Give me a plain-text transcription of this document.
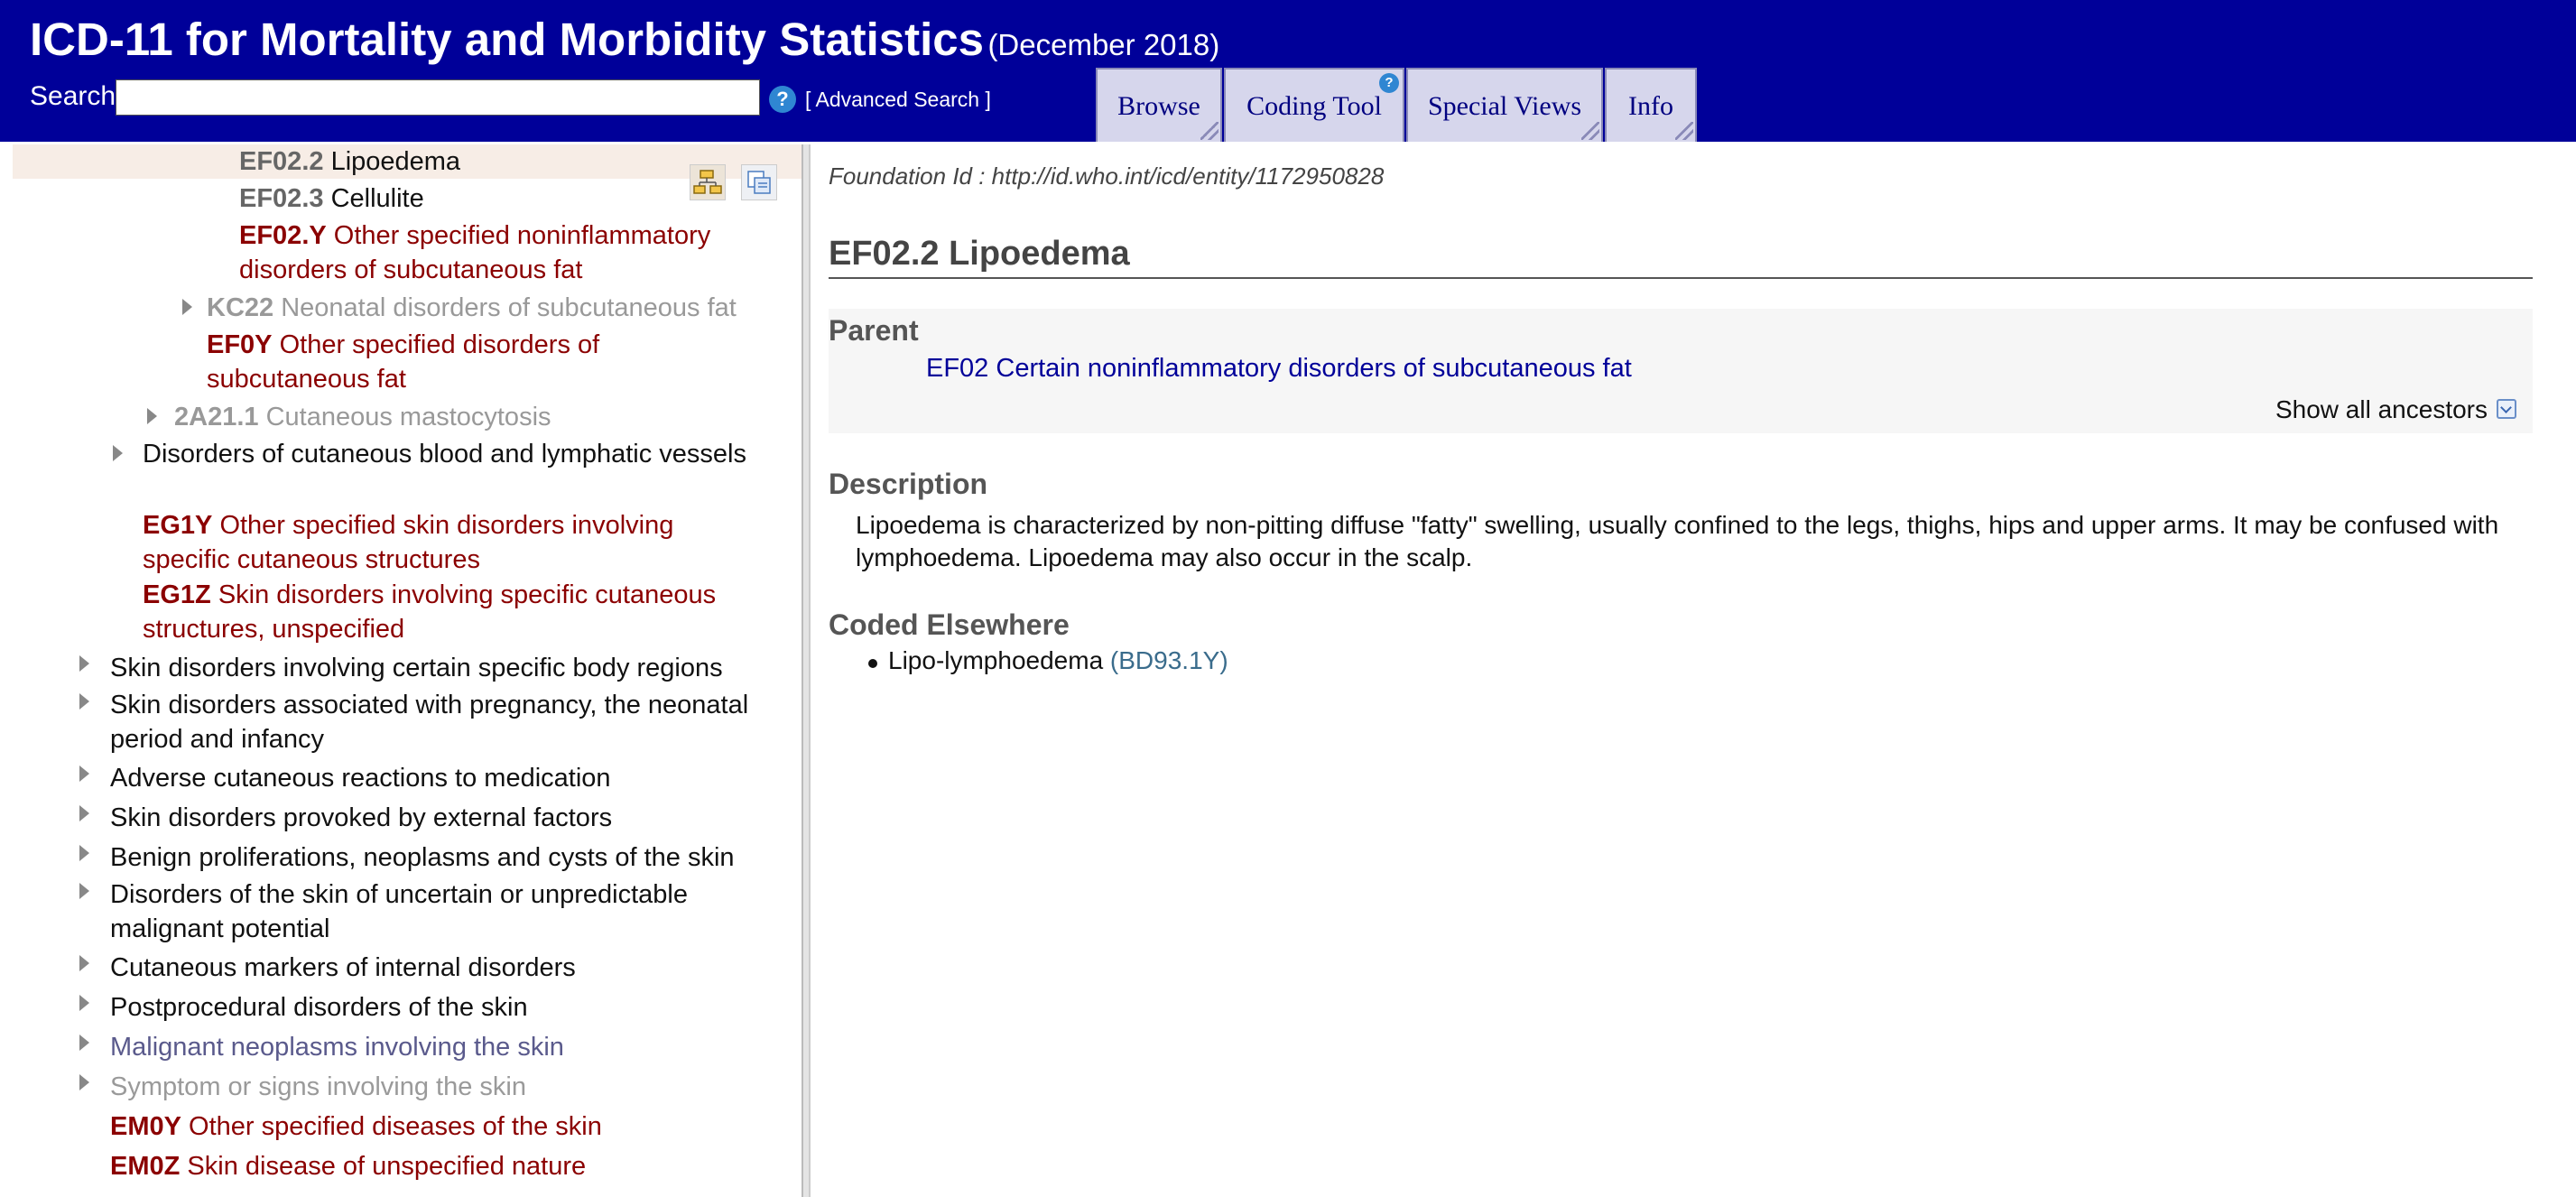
ICD-11 for Mortality and Morbidity Statistics (December 2018)
Search	? [ Advanced Search ]	Browse	Coding Tool
?
Special Views	Info
EF02.2 Lipoedema
EF02.3 Cellulite
EF02.Y Other specified noninflammatory
disorders of subcutaneous fat
KC22 Neonatal disorders of subcutaneous fat
EF0Y Other specified disorders of
subcutaneous fat
2A21.1 Cutaneous mastocytosis
Disorders of cutaneous blood and lymphatic vessels
EG1Y Other specified skin disorders involving
specific cutaneous structures
EG1Z Skin disorders involving specific cutaneous
structures, unspecified
Skin disorders involving certain specific body regions
Skin disorders associated with pregnancy, the neonatal
period and infancy
Adverse cutaneous reactions to medication
Skin disorders provoked by external factors
Benign proliferations, neoplasms and cysts of the skin
Disorders of the skin of uncertain or unpredictable
malignant potential
Cutaneous markers of internal disorders
Postprocedural disorders of the skin
Malignant neoplasms involving the skin
Symptom or signs involving the skin
EM0Y Other specified diseases of the skin
EM0Z Skin disease of unspecified nature
Foundation Id : http://id.who.int/icd/entity/1172950828
EF02.2 Lipoedema
Parent
EF02 Certain noninflammatory disorders of subcutaneous fat
Show all ancestors
Description
Lipoedema is characterized by non-pitting diffuse "fatty" swelling, usually confined to the legs, thighs, hips and upper arms. It may be confused with lymphoedema. Lipoedema may also occur in the scalp.
Coded Elsewhere
Lipo-lymphoedema (BD93.1Y)
